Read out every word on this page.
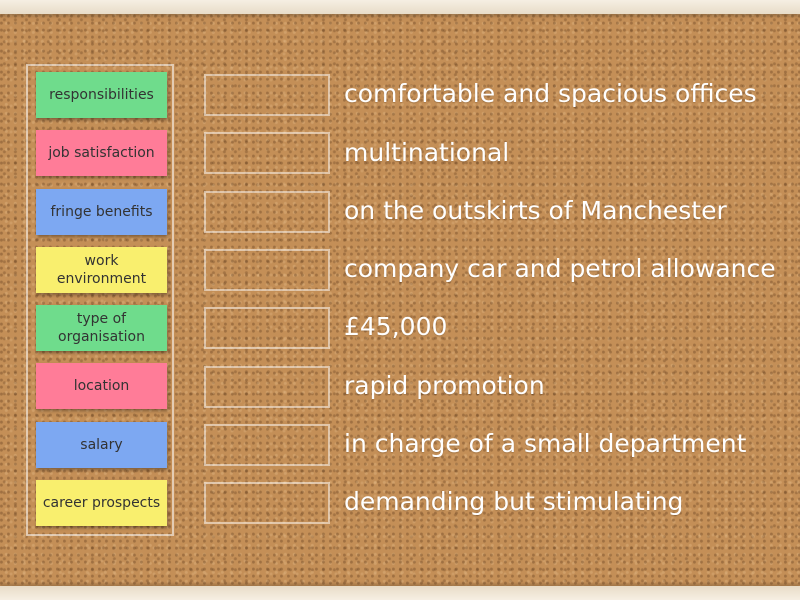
responsibilities
job satisfaction
fringe benefits
work environment
type of organisation
location
salary
career prospects
comfortable and spacious offices
multinational
on the outskirts of Manchester
company car and petrol allowance
£45,000
rapid promotion
in charge of a small department
demanding but stimulating
